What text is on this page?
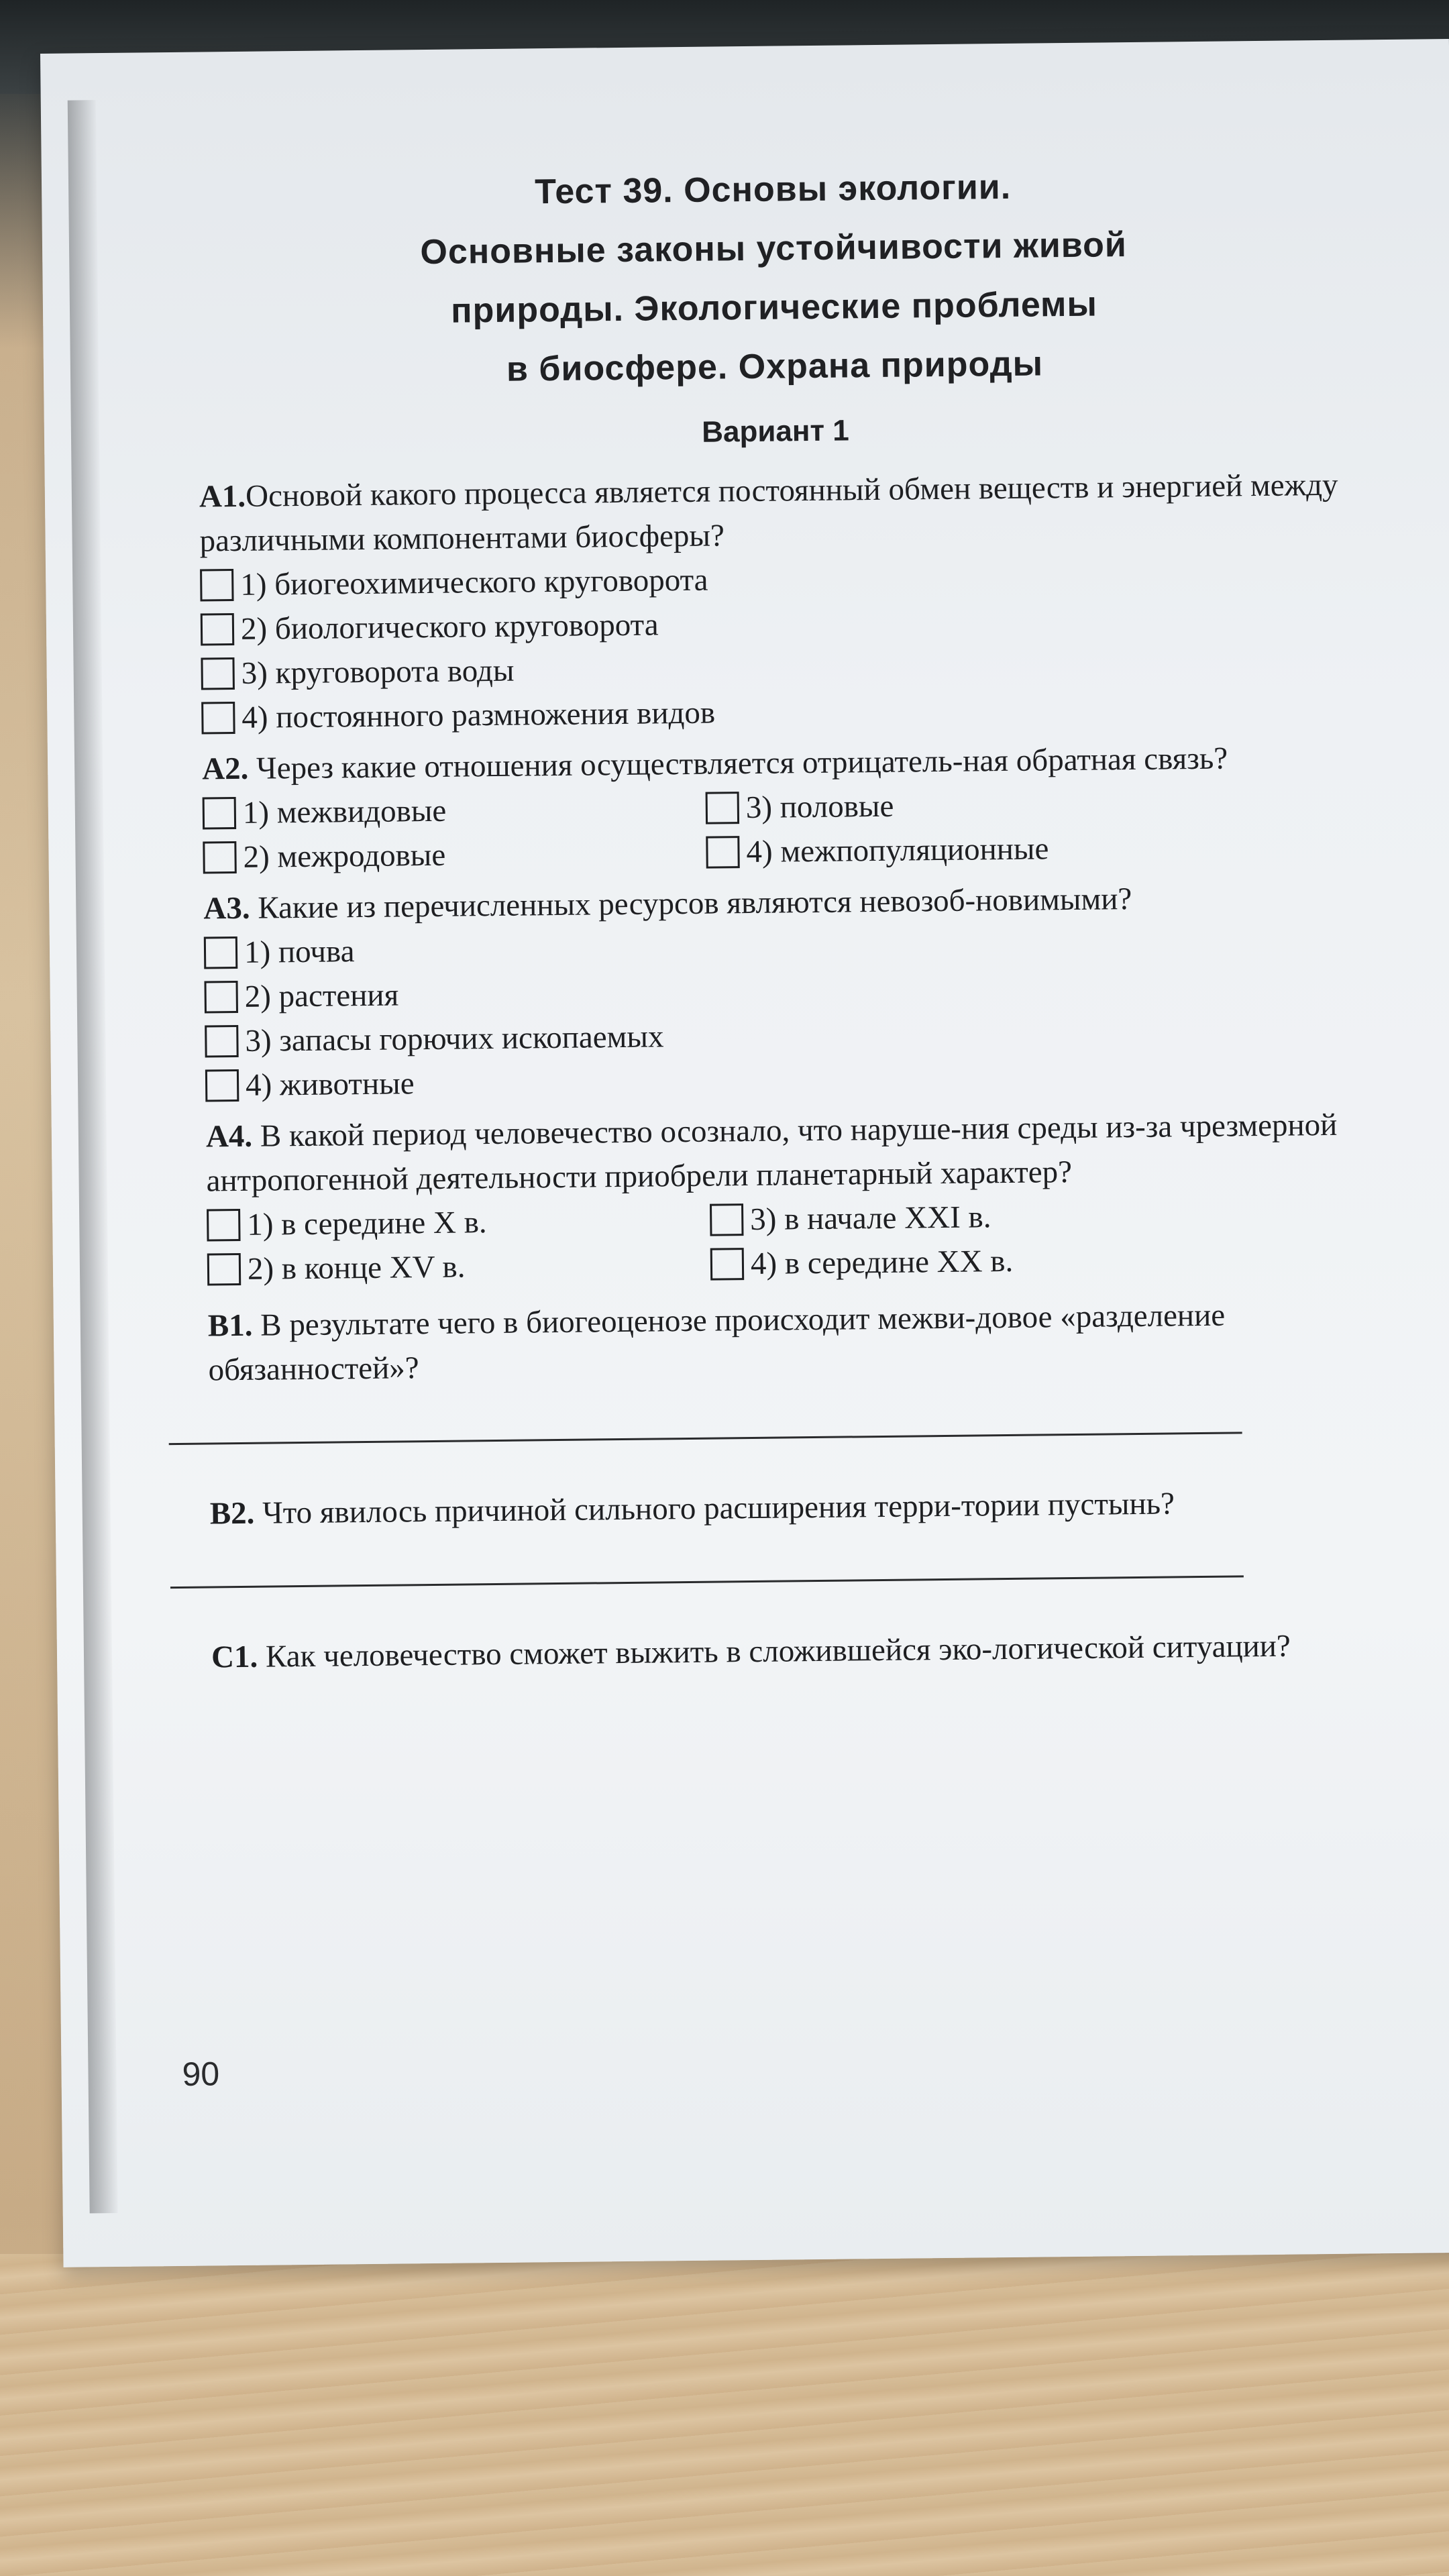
Тест 39. Основы экологии.
Основные законы устойчивости живой
природы. Экологические проблемы
в биосфере. Охрана природы
Вариант 1
А1.Основой какого процесса является постоянный обмен веществ и энергией между различными компонентами биосферы?
1) биогеохимического круговорота
2) биологического круговорота
3) круговорота воды
4) постоянного размножения видов
А2. Через какие отношения осуществляется отрицатель-ная обратная связь?
1) межвидовые	3) половые
2) межродовые	4) межпопуляционные
А3. Какие из перечисленных ресурсов являются невозоб-новимыми?
1) почва
2) растения
3) запасы горючих ископаемых
4) животные
А4. В какой период человечество осознало, что наруше-ния среды из-за чрезмерной антропогенной деятельности приобрели планетарный характер?
1) в середине X в.	3) в начале XXI в.
2) в конце XV в.	4) в середине XX в.
В1. В результате чего в биогеоценозе происходит межви-довое «разделение обязанностей»?
В2. Что явилось причиной сильного расширения терри-тории пустынь?
С1. Как человечество сможет выжить в сложившейся эко-логической ситуации?
90
